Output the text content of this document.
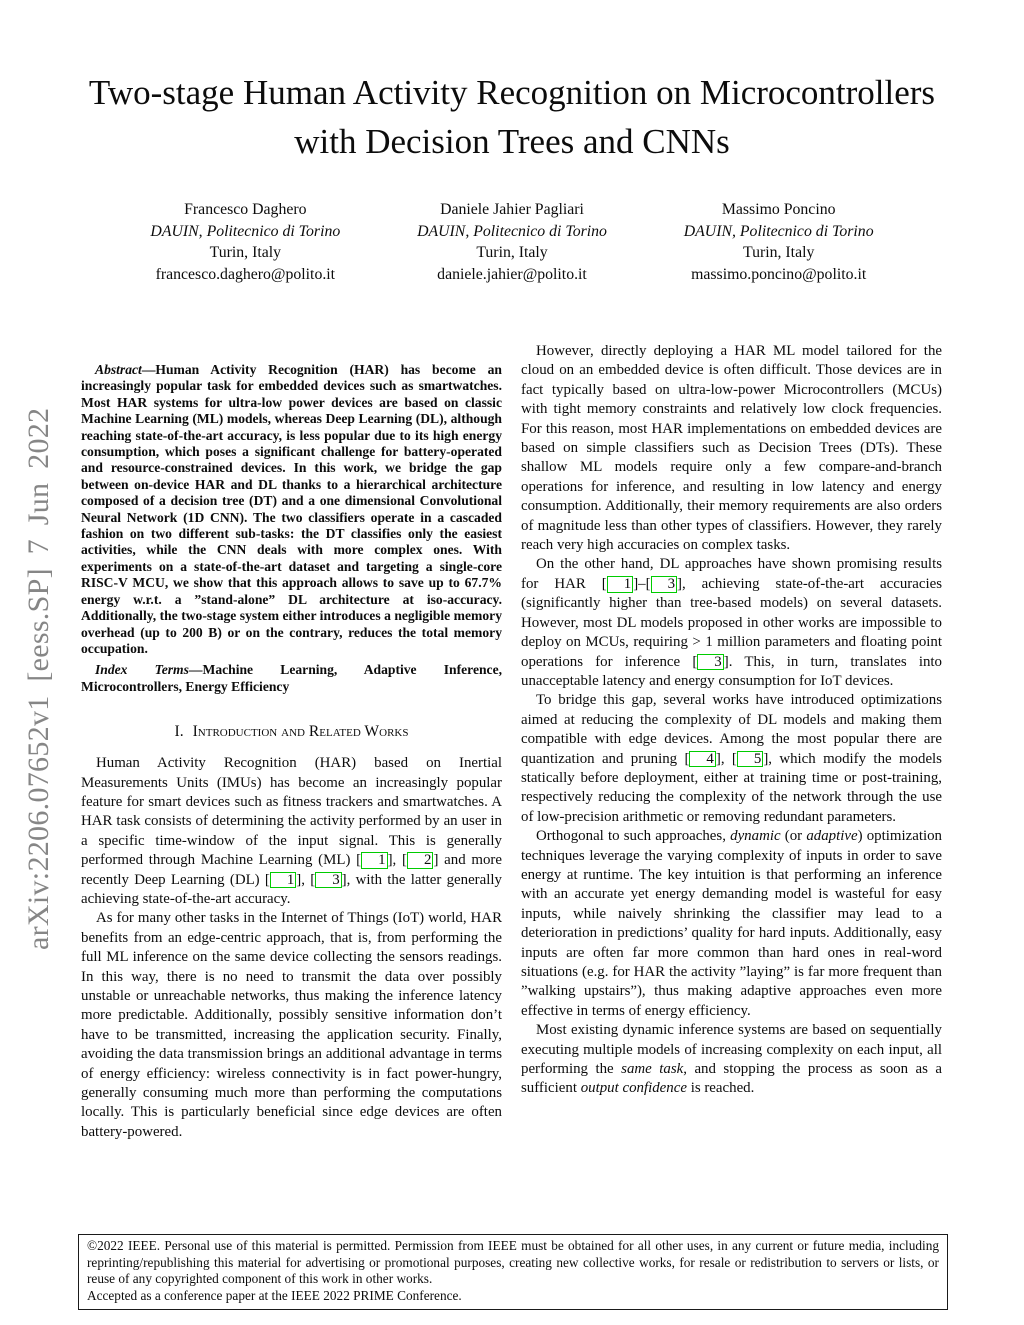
arXiv:2206.07652v1 [eess.SP] 7 Jun 2022
Two-stage Human Activity Recognition on Microcontrollers with Decision Trees and CNNs
Francesco Daghero
DAUIN, Politecnico di Torino
Turin, Italy
francesco.daghero@polito.it
Daniele Jahier Pagliari
DAUIN, Politecnico di Torino
Turin, Italy
daniele.jahier@polito.it
Massimo Poncino
DAUIN, Politecnico di Torino
Turin, Italy
massimo.poncino@polito.it

Abstract—Human Activity Recognition (HAR) has become an increasingly popular task for embedded devices such as smartwatches. Most HAR systems for ultra-low power devices are based on classic Machine Learning (ML) models, whereas Deep Learning (DL), although reaching state-of-the-art accuracy, is less popular due to its high energy consumption, which poses a significant challenge for battery-operated and resource-constrained devices. In this work, we bridge the gap between on-device HAR and DL thanks to a hierarchical architecture composed of a decision tree (DT) and a one dimensional Convolutional Neural Network (1D CNN). The two classifiers operate in a cascaded fashion on two different sub-tasks: the DT classifies only the easiest activities, while the CNN deals with more complex ones. With experiments on a state-of-the-art dataset and targeting a single-core RISC-V MCU, we show that this approach allows to save up to 67.7% energy w.r.t. a ”stand-alone” DL architecture at iso-accuracy. Additionally, the two-stage system either introduces a negligible memory overhead (up to 200 B) or on the contrary, reduces the total memory occupation.

Index Terms—Machine Learning, Adaptive Inference, Microcontrollers, Energy Efficiency

I. Introduction and Related Works

Human Activity Recognition (HAR) based on Inertial Measurements Units (IMUs) has become an increasingly popular feature for smart devices such as fitness trackers and smartwatches. A HAR task consists of determining the activity performed by an user in a specific time-window of the input signal. This is generally performed through Machine Learning (ML) [ 1 ], [ 2 ] and more recently Deep Learning (DL) [ 1 ], [ 3 ], with the latter generally achieving state-of-the-art accuracy.

As for many other tasks in the Internet of Things (IoT) world, HAR benefits from an edge-centric approach, that is, from performing the full ML inference on the same device collecting the sensors readings. In this way, there is no need to transmit the data over possibly unstable or unreachable networks, thus making the inference latency more predictable. Additionally, possibly sensitive information don’t have to be transmitted, increasing the application security. Finally, avoiding the data transmission brings an additional advantage in terms of energy efficiency: wireless connectivity is in fact power-hungry, generally consuming much more than performing the computations locally. This is particularly beneficial since edge devices are often battery-powered.

However, directly deploying a HAR ML model tailored for the cloud on an embedded device is often difficult. Those devices are in fact typically based on ultra-low-power Microcontrollers (MCUs) with tight memory constraints and relatively low clock frequencies. For this reason, most HAR implementations on embedded devices are based on simple classifiers such as Decision Trees (DTs). These shallow ML models require only a few compare-and-branch operations for inference, and resulting in low latency and energy consumption. Additionally, their memory requirements are also orders of magnitude less than other types of classifiers. However, they rarely reach very high accuracies on complex tasks.

On the other hand, DL approaches have shown promising results for HAR [ 1 ]–[ 3 ], achieving state-of-the-art accuracies (significantly higher than tree-based models) on several datasets. However, most DL models proposed in other works are impossible to deploy on MCUs, requiring > 1 million parameters and floating point operations for inference [ 3 ]. This, in turn, translates into unacceptable latency and energy consumption for IoT devices.

To bridge this gap, several works have introduced optimizations aimed at reducing the complexity of DL models and making them compatible with edge devices. Among the most popular there are quantization and pruning [ 4 ], [ 5 ], which modify the models statically before deployment, either at training time or post-training, respectively reducing the complexity of the network through the use of low-precision arithmetic or removing redundant parameters.

Orthogonal to such approaches, dynamic (or adaptive) optimization techniques leverage the varying complexity of inputs in order to save energy at runtime. The key intuition is that performing an inference with an accurate yet energy demanding model is wasteful for easy inputs, while naively shrinking the classifier may lead to a deterioration in predictions’ quality for hard inputs. Additionally, easy inputs are often far more common than hard ones in real-word situations (e.g. for HAR the activity ”laying” is far more frequent than ”walking upstairs”), thus making adaptive approaches even more effective in terms of energy efficiency.

Most existing dynamic inference systems are based on sequentially executing multiple models of increasing complexity on each input, all performing the same task, and stopping the process as soon as a sufficient output confidence is reached.

©2022 IEEE. Personal use of this material is permitted. Permission from IEEE must be obtained for all other uses, in any current or future media, including reprinting/republishing this material for advertising or promotional purposes, creating new collective works, for resale or redistribution to servers or lists, or reuse of any copyrighted component of this work in other works.

Accepted as a conference paper at the IEEE 2022 PRIME Conference.
